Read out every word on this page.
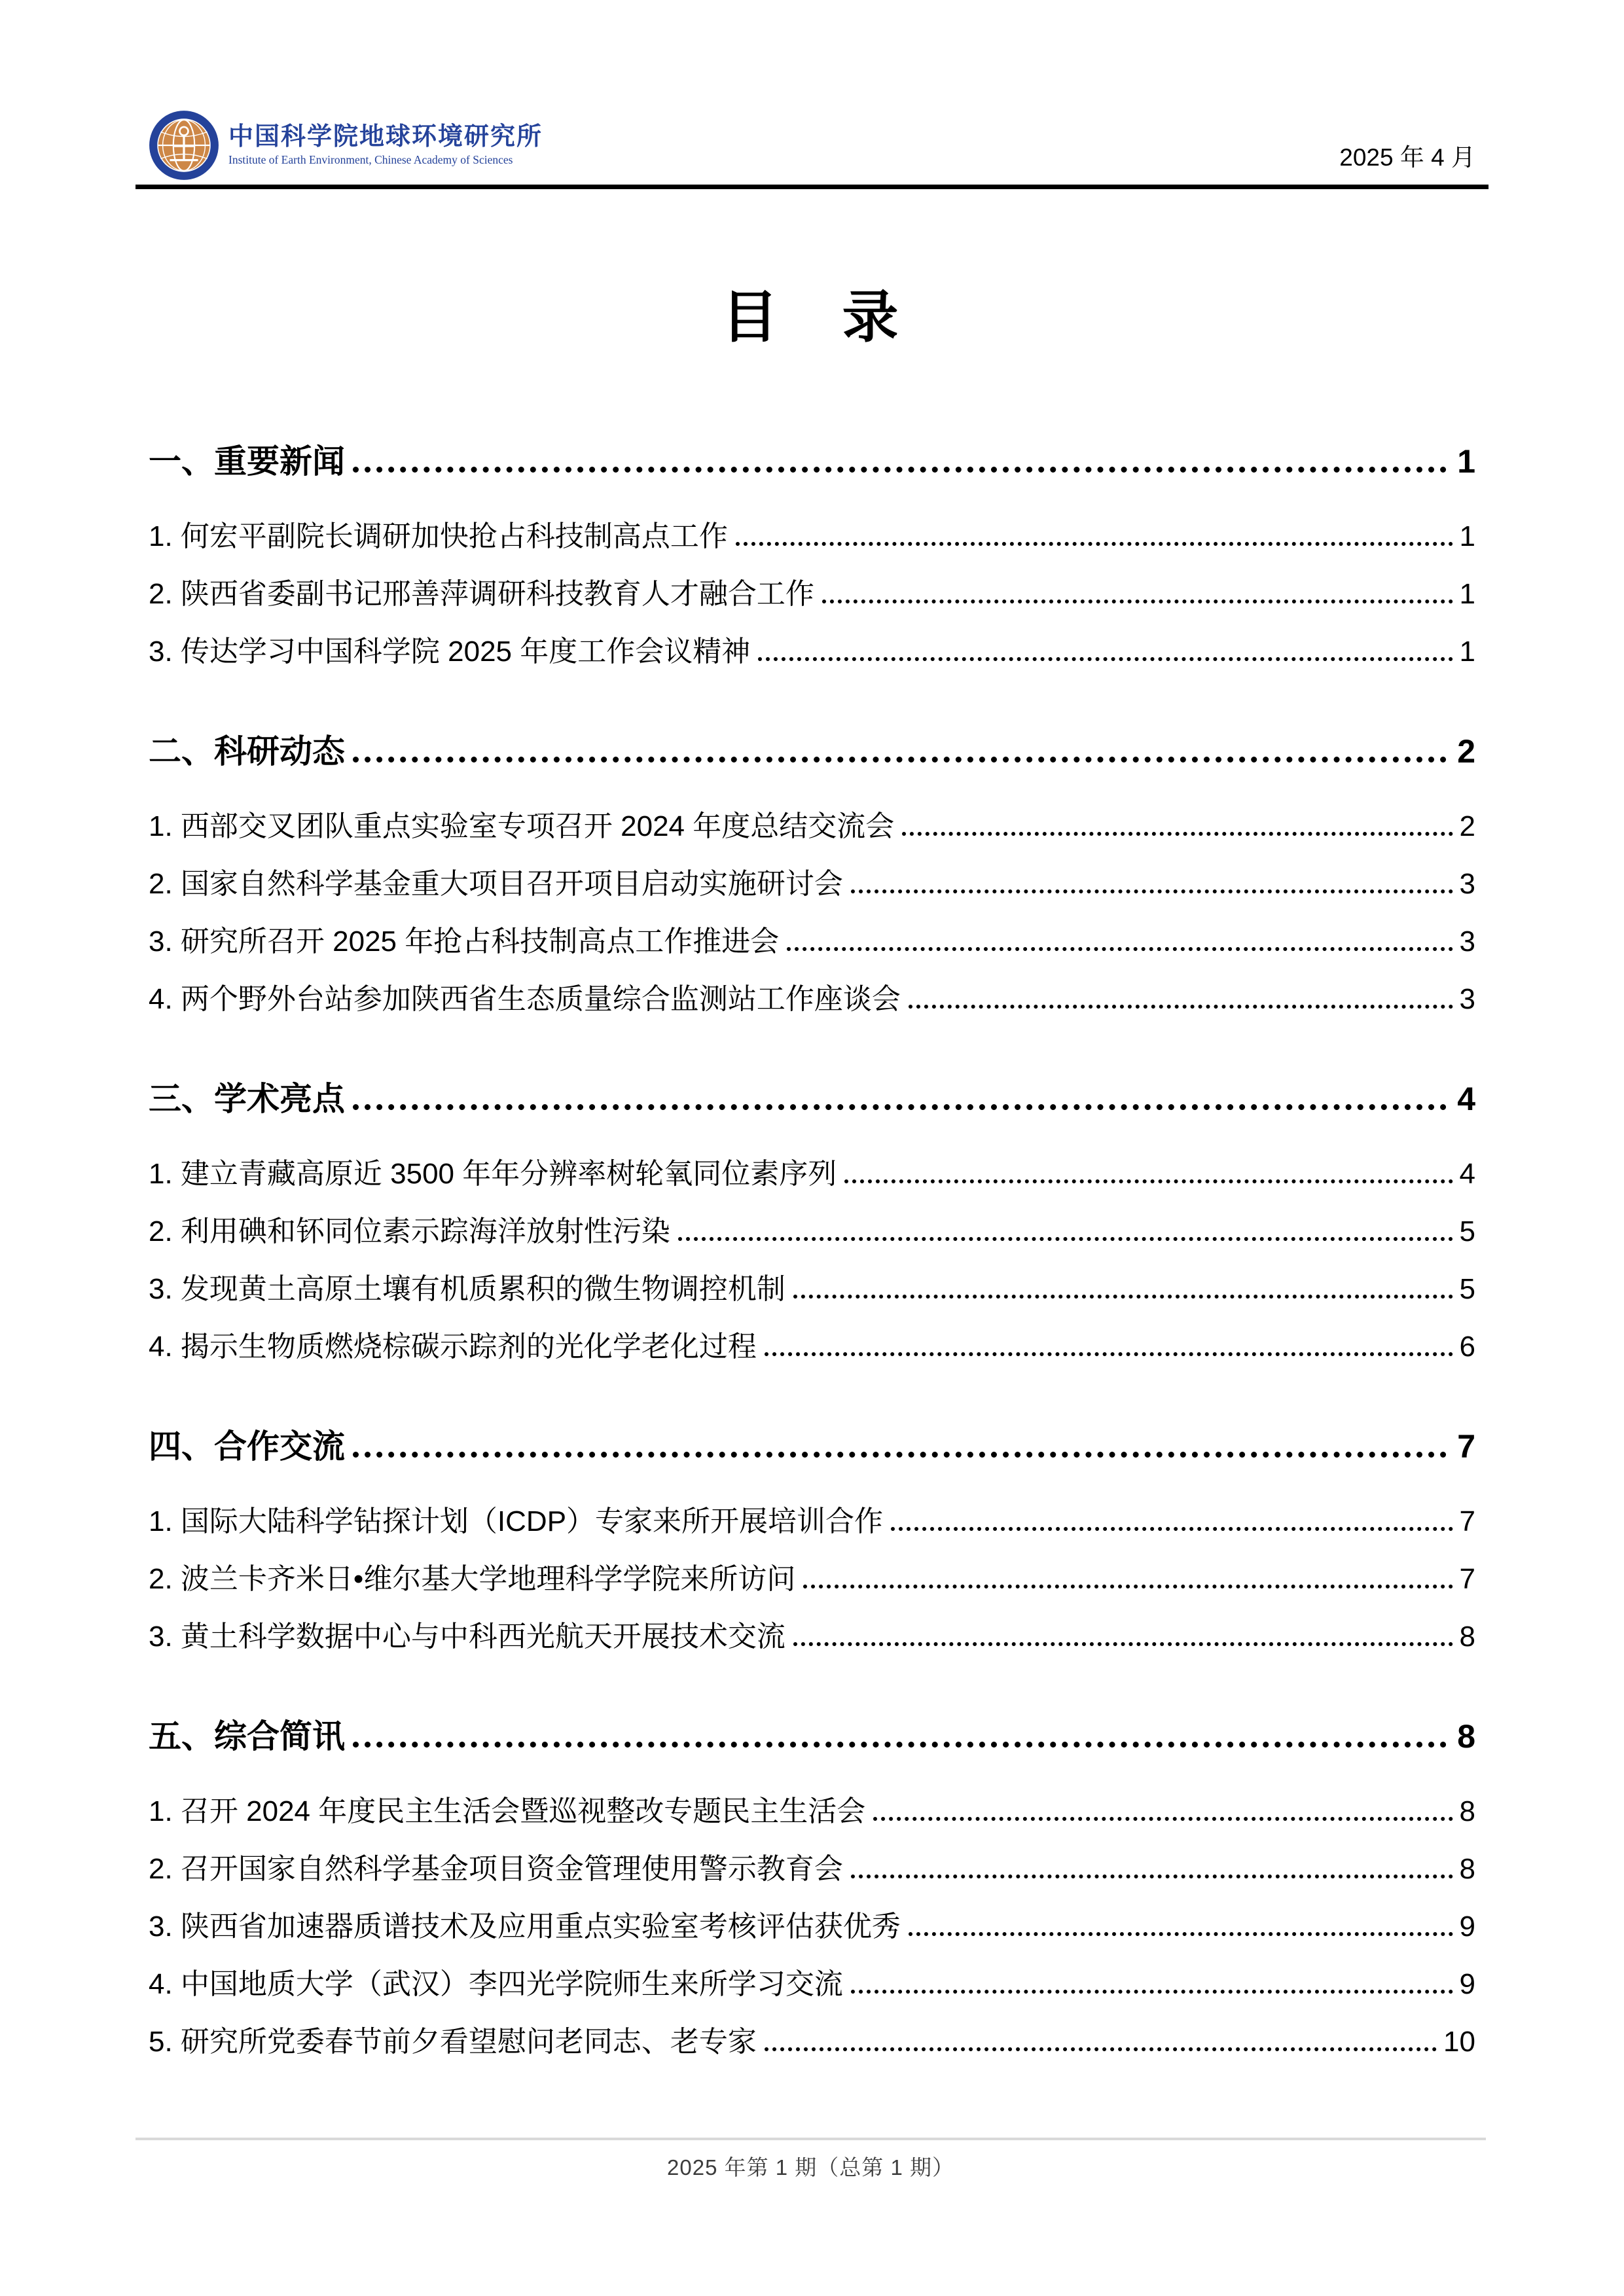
中国科学院地球环境研究所
Institute of Earth Environment, Chinese Academy of Sciences	2025 年 4 月
目　录
一、重要新闻	1
1. 何宏平副院长调研加快抢占科技制高点工作	1
2. 陕西省委副书记邢善萍调研科技教育人才融合工作	1
3. 传达学习中国科学院 2025 年度工作会议精神	1
二、科研动态	2
1. 西部交叉团队重点实验室专项召开 2024 年度总结交流会	2
2. 国家自然科学基金重大项目召开项目启动实施研讨会	3
3. 研究所召开 2025 年抢占科技制高点工作推进会	3
4. 两个野外台站参加陕西省生态质量综合监测站工作座谈会	3
三、学术亮点	4
1. 建立青藏高原近 3500 年年分辨率树轮氧同位素序列	4
2. 利用碘和钚同位素示踪海洋放射性污染	5
3. 发现黄土高原土壤有机质累积的微生物调控机制	5
4. 揭示生物质燃烧棕碳示踪剂的光化学老化过程	6
四、合作交流	7
1. 国际大陆科学钻探计划（ICDP）专家来所开展培训合作	7
2. 波兰卡齐米日•维尔基大学地理科学学院来所访问	7
3. 黄土科学数据中心与中科西光航天开展技术交流	8
五、综合简讯	8
1. 召开 2024 年度民主生活会暨巡视整改专题民主生活会	8
2. 召开国家自然科学基金项目资金管理使用警示教育会	8
3. 陕西省加速器质谱技术及应用重点实验室考核评估获优秀	9
4. 中国地质大学（武汉）李四光学院师生来所学习交流	9
5. 研究所党委春节前夕看望慰问老同志、老专家	10
2025 年第 1 期（总第 1 期）
